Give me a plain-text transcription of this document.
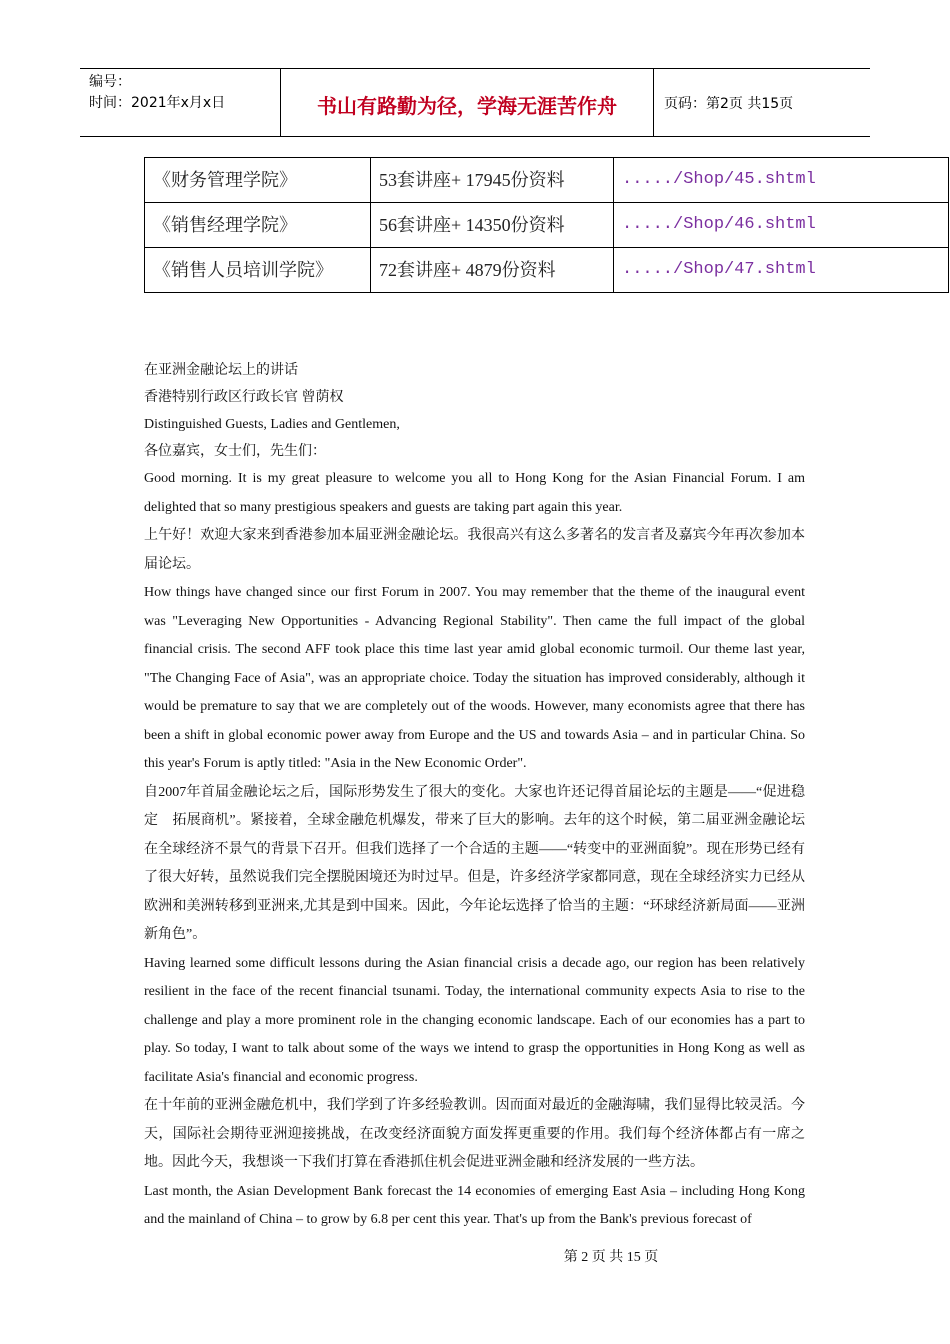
编号：
时间：2021年x月x日	书山有路勤为径，学海无涯苦作舟	页码：第2页 共15页
《财务管理学院》	53套讲座+ 17945份资料	...../Shop/45.shtml
《销售经理学院》	56套讲座+ 14350份资料	...../Shop/46.shtml
《销售人员培训学院》	72套讲座+ 4879份资料	...../Shop/47.shtml

在亚洲金融论坛上的讲话

香港特别行政区行政长官 曾荫权

Distinguished Guests, Ladies and Gentlemen,

各位嘉宾，女士们，先生们：

Good morning. It is my great pleasure to welcome you all to Hong Kong for the Asian Financial Forum. I am delighted that so many prestigious speakers and guests are taking part again this year.

上午好！欢迎大家来到香港参加本届亚洲金融论坛。我很高兴有这么多著名的发言者及嘉宾今年再次参加本届论坛。

How things have changed since our first Forum in 2007. You may remember that the theme of the inaugural event was "Leveraging New Opportunities - Advancing Regional Stability". Then came the full impact of the global financial crisis. The second AFF took place this time last year amid global economic turmoil. Our theme last year, "The Changing Face of Asia", was an appropriate choice. Today the situation has improved considerably, although it would be premature to say that we are completely out of the woods. However, many economists agree that there has been a shift in global economic power away from Europe and the US and towards Asia – and in particular China. So this year's Forum is aptly titled: "Asia in the New Economic Order".

自2007年首届金融论坛之后，国际形势发生了很大的变化。大家也许还记得首届论坛的主题是——“促进稳定　拓展商机”。紧接着，全球金融危机爆发，带来了巨大的影响。去年的这个时候，第二届亚洲金融论坛在全球经济不景气的背景下召开。但我们选择了一个合适的主题——“转变中的亚洲面貌”。现在形势已经有了很大好转，虽然说我们完全摆脱困境还为时过早。但是，许多经济学家都同意，现在全球经济实力已经从欧洲和美洲转移到亚洲来,尤其是到中国来。因此，今年论坛选择了恰当的主题：“环球经济新局面——亚洲新角色”。

Having learned some difficult lessons during the Asian financial crisis a decade ago, our region has been relatively resilient in the face of the recent financial tsunami. Today, the international community expects Asia to rise to the challenge and play a more prominent role in the changing economic landscape. Each of our economies has a part to play. So today, I want to talk about some of the ways we intend to grasp the opportunities in Hong Kong as well as facilitate Asia's financial and economic progress.

在十年前的亚洲金融危机中，我们学到了许多经验教训。因而面对最近的金融海啸，我们显得比较灵活。今天，国际社会期待亚洲迎接挑战，在改变经济面貌方面发挥更重要的作用。我们每个经济体都占有一席之地。因此今天，我想谈一下我们打算在香港抓住机会促进亚洲金融和经济发展的一些方法。

Last month, the Asian Development Bank forecast the 14 economies of emerging East Asia – including Hong Kong and the mainland of China – to grow by 6.8 per cent this year. That's up from the Bank's previous forecast of

第 2 页 共 15 页
